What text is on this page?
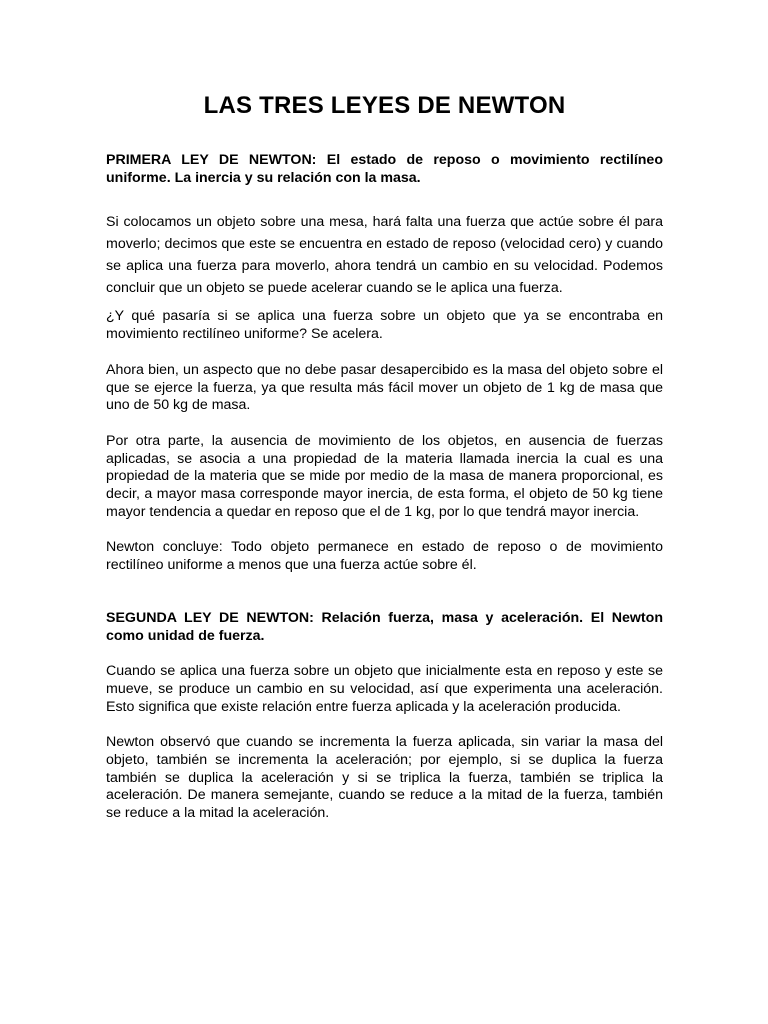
LAS TRES LEYES DE NEWTON

PRIMERA LEY DE NEWTON: El estado de reposo o movimiento rectilíneo uniforme. La inercia y su relación con la masa.

Si colocamos un objeto sobre una mesa, hará falta una fuerza que actúe sobre él para moverlo; decimos que este se encuentra en estado de reposo (velocidad cero) y cuando se aplica una fuerza para moverlo, ahora tendrá un cambio en su velocidad. Podemos concluir que un objeto se puede acelerar cuando se le aplica una fuerza.

¿Y qué pasaría si se aplica una fuerza sobre un objeto que ya se encontraba en movimiento rectilíneo uniforme? Se acelera.

Ahora bien, un aspecto que no debe pasar desapercibido es la masa del objeto sobre el que se ejerce la fuerza, ya que resulta más fácil mover un objeto de 1 kg de masa que uno de 50 kg de masa.

Por otra parte, la ausencia de movimiento de los objetos, en ausencia de fuerzas aplicadas, se asocia a una propiedad de la materia llamada inercia la cual es una propiedad de la materia que se mide por medio de la masa de manera proporcional, es decir, a mayor masa corresponde mayor inercia, de esta forma, el objeto de 50 kg tiene mayor tendencia a quedar en reposo que el de 1 kg, por lo que tendrá mayor inercia.

Newton concluye: Todo objeto permanece en estado de reposo o de movimiento rectilíneo uniforme a menos que una fuerza actúe sobre él.

SEGUNDA LEY DE NEWTON: Relación fuerza, masa y aceleración. El Newton como unidad de fuerza.

Cuando se aplica una fuerza sobre un objeto que inicialmente esta en reposo y este se mueve, se produce un cambio en su velocidad, así que experimenta una aceleración. Esto significa que existe relación entre fuerza aplicada y la aceleración producida.

Newton observó que cuando se incrementa la fuerza aplicada, sin variar la masa del objeto, también se incrementa la aceleración; por ejemplo, si se duplica la fuerza también se duplica la aceleración y si se triplica la fuerza, también se triplica la aceleración. De manera semejante, cuando se reduce a la mitad de la fuerza, también se reduce a la mitad la aceleración.
